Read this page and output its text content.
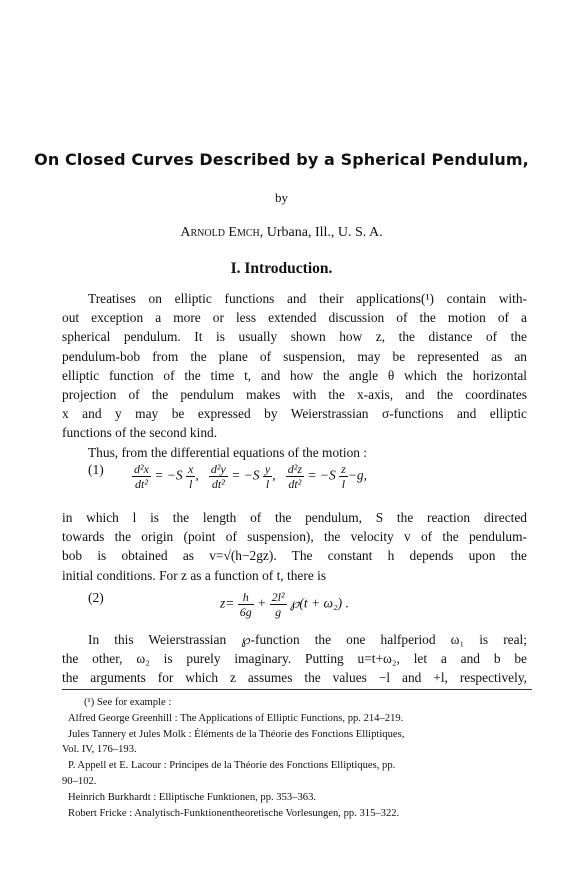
On Closed Curves Described by a Spherical Pendulum,
by
Arnold Emch, Urbana, Ill., U. S. A.
I. Introduction.
Treatises on elliptic functions and their applications(¹) contain with-
out exception a more or less extended discussion of the motion of a
spherical pendulum. It is usually shown how z, the distance of the
pendulum-bob from the plane of suspension, may be represented as an
elliptic function of the time t, and how the angle θ which the horizontal
projection of the pendulum makes with the x-axis, and the coordinates
x and y may be expressed by Weierstrassian σ-functions and elliptic
functions of the second kind.
Thus, from the differential equations of the motion :
$(1) \frac{\text{d²x}}{\text{dt²}} = -S \frac{x}{l}$ , $\frac{\text{d²y}}{\text{dt²}} = -S \frac{y}{l}$ , $\frac{\text{d²z}}{\text{dt²}} = -S \frac{z}{l} -g$,
in which l is the length of the pendulum, S the reaction directed
towards the origin (point of suspension), the velocity v of the pendulum-
bob is obtained as v=√(h−2gz). The constant h depends upon the
initial conditions. For z as a function of t, there is
(2)	$z= \frac{h}{6g} + \frac{\text{2l²}}{g}$ ℘(t + ω₂) .
In this Weierstrassian ℘-function the one halfperiod ω₁ is real;
the other, ω₂ is purely imaginary. Putting u=t+ω₂, let a and b be
the arguments for which z assumes the values −l and +l, respectively,
(¹) See for example :
Alfred George Greenhill : The Applications of Elliptic Functions, pp. 214–219.
Jules Tannery et Jules Molk : Éléments de la Théorie des Fonctions Elliptiques,
Vol. IV, 176–193.
P. Appell et E. Lacour : Principes de la Théorie des Fonctions Elliptiques, pp.
90–102.
Heinrich Burkhardt : Elliptische Funktionen, pp. 353–363.
Robert Fricke : Analytisch-Funktionentheoretische Vorlesungen, pp. 315–322.
